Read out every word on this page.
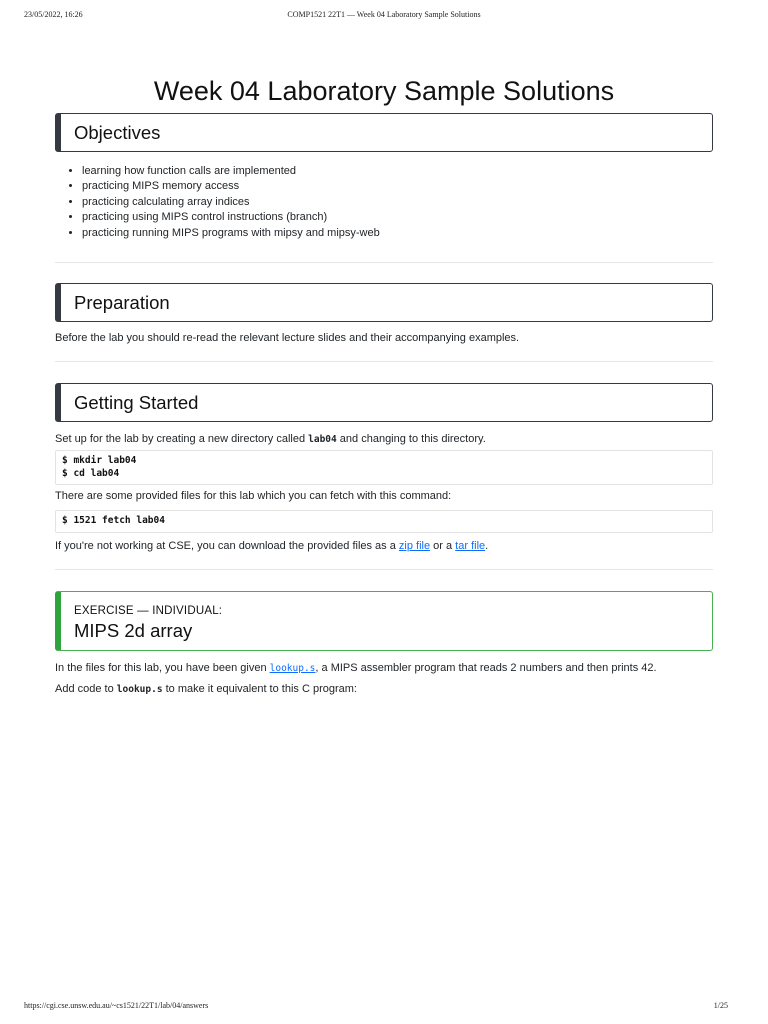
23/05/2022, 16:26	COMP1521 22T1 — Week 04 Laboratory Sample Solutions
Week 04 Laboratory Sample Solutions
Objectives
• learning how function calls are implemented
• practicing MIPS memory access
• practicing calculating array indices
• practicing using MIPS control instructions (branch)
• practicing running MIPS programs with mipsy and mipsy-web
Preparation

Before the lab you should re-read the relevant lecture slides and their accompanying examples.

Getting Started

Set up for the lab by creating a new directory called lab04 and changing to this directory.

$ mkdir lab04
$ cd lab04

There are some provided files for this lab which you can fetch with this command:

$ 1521 fetch lab04

If you're not working at CSE, you can download the provided files as a zip file or a tar file.

EXERCISE — INDIVIDUAL:
MIPS 2d array

In the files for this lab, you have been given lookup.s, a MIPS assembler program that reads 2 numbers and then prints 42.

Add code to lookup.s to make it equivalent to this C program:

https://cgi.cse.unsw.edu.au/~cs1521/22T1/lab/04/answers	1/25
